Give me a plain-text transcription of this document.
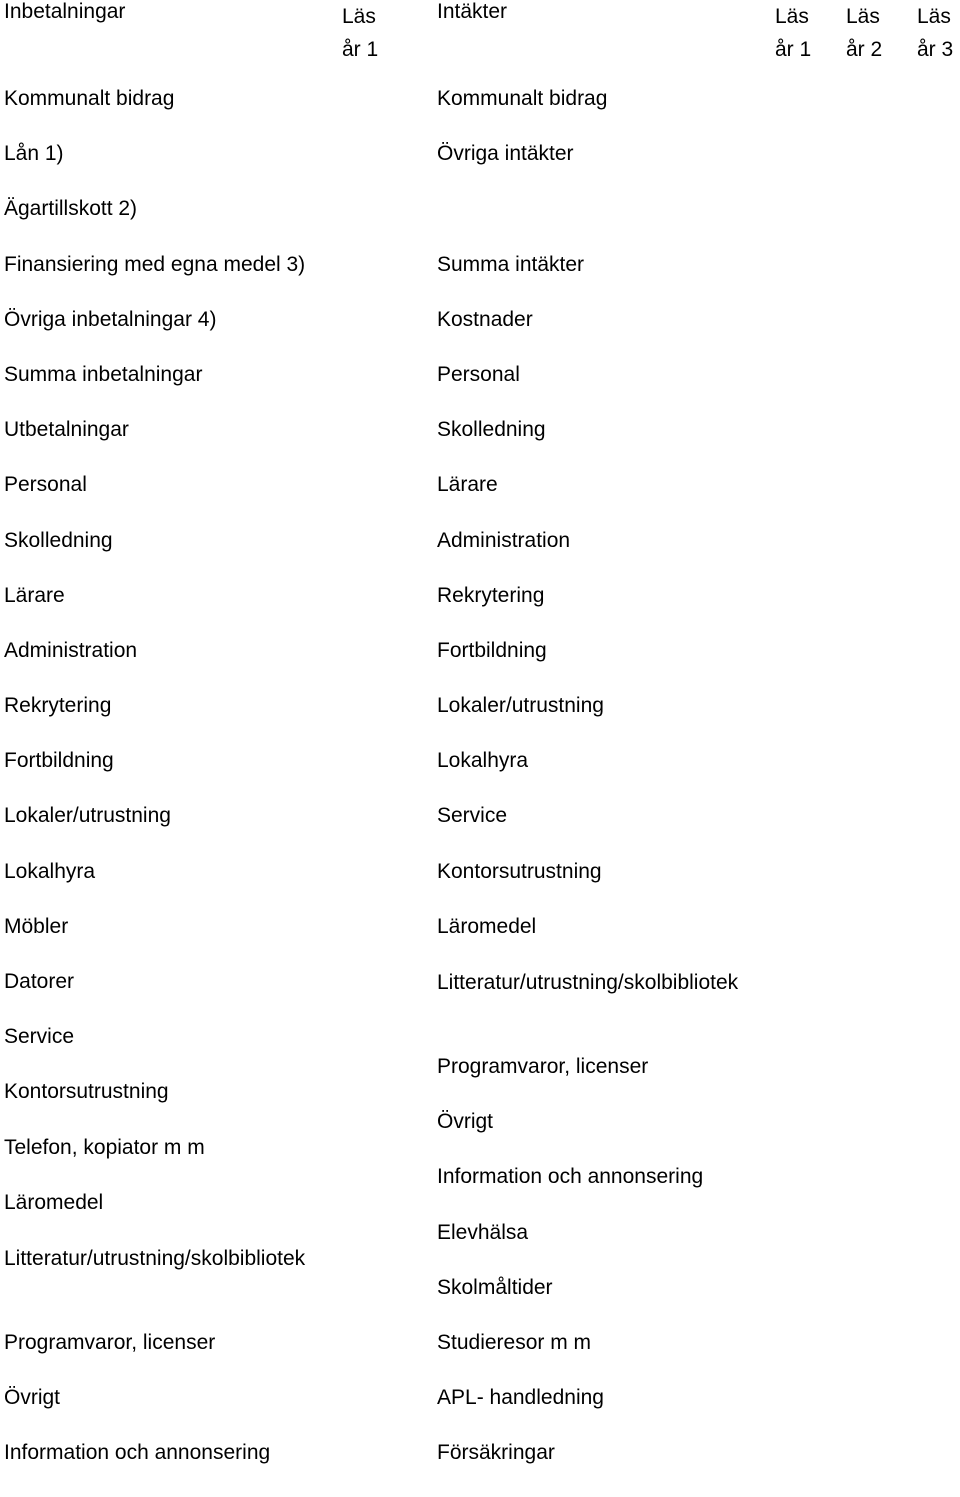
Inbetalningar	Läsår 1
Kommunalt bidrag
Lån 1)
Ägartillskott 2)
Finansiering med egna medel 3)
Övriga inbetalningar 4)
Summa inbetalningar
Utbetalningar
Personal
Skolledning
Lärare
Administration
Rekrytering
Fortbildning
Lokaler/utrustning
Lokalhyra
Möbler
Datorer
Service
Kontorsutrustning
Telefon, kopiator m m
Läromedel
Litteratur/utrustning/skolbibliotek
Programvaror, licenser
Övrigt
Information och annonsering
Intäkter	Läsår 1
Läsår 2
Läsår 3
Kommunalt bidrag
Övriga intäkter
Summa intäkter
Kostnader
Personal
Skolledning
Lärare
Administration
Rekrytering
Fortbildning
Lokaler/utrustning
Lokalhyra
Service
Kontorsutrustning
Läromedel
Litteratur/utrustning/skolbibliotek
Programvaror, licenser
Övrigt
Information och annonsering
Elevhälsa
Skolmåltider
Studieresor m m
APL- handledning
Försäkringar
